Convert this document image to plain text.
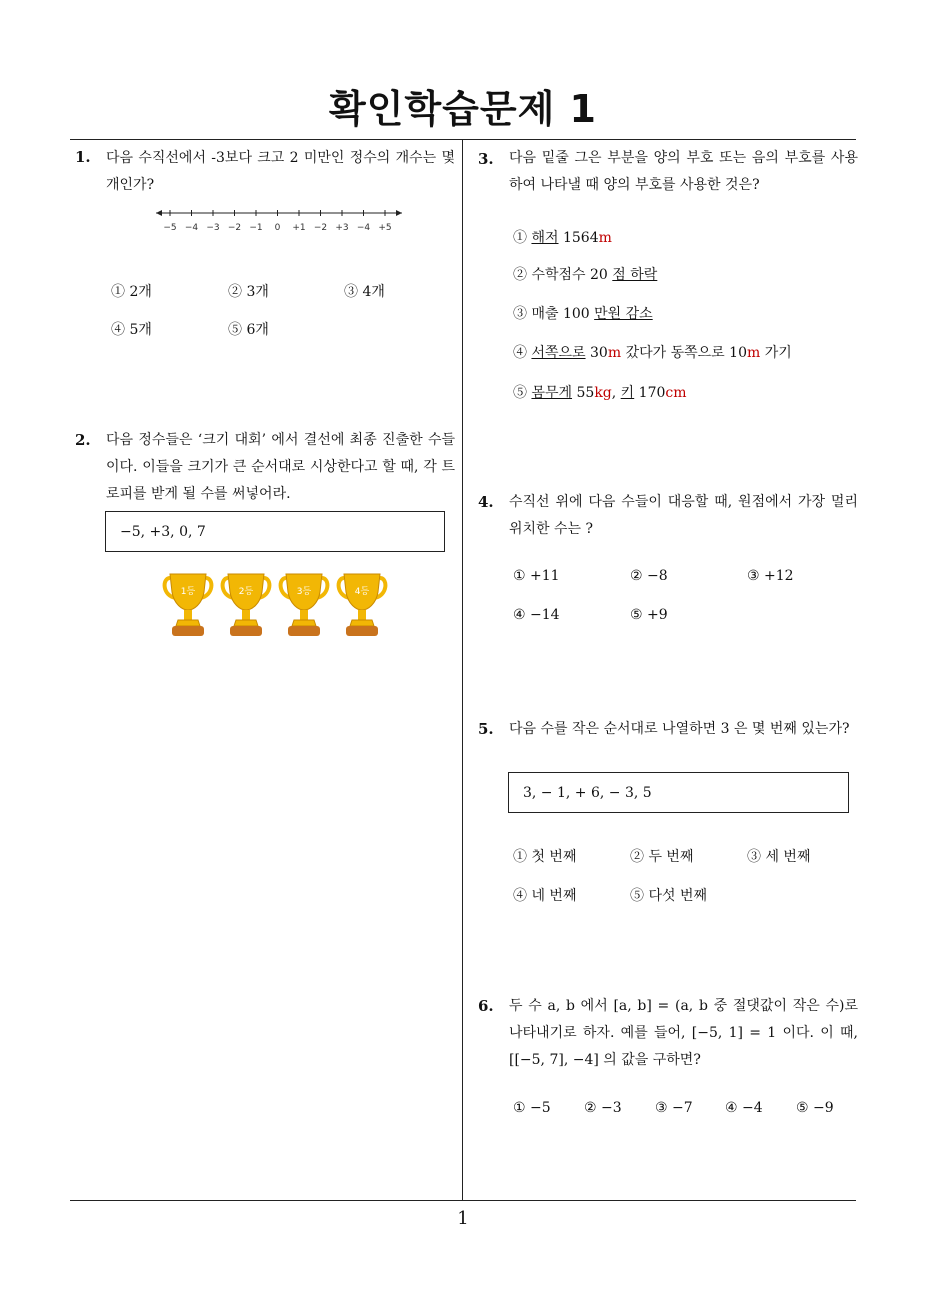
확인학습문제 1
1
1. 다음 수직선에서 -3보다 크고 2 미만인 정수의 개수는 몇 개인가?
−5 −4 −3 −2 −1 0 +1 −2 +3 −4 +5
① 2개	② 3개	③ 4개
④ 5개	⑤ 6개
2. 다음 정수들은 ‘크기 대회’ 에서 결선에 최종 진출한 수들이다. 이들을 크기가 큰 순서대로 시상한다고 할 때, 각 트로피를 받게 될 수를 써넣어라.
−5, +3, 0, 7
1등	2등	3등	4등
3. 다음 밑줄 그은 부분을 양의 부호 또는 음의 부호를 사용하여 나타낼 때 양의 부호를 사용한 것은?
① 해저 1564m
② 수학점수 20 점 하락
③ 매출 100 만원 감소
④ 서쪽으로 30m 갔다가 동쪽으로 10m 가기
⑤ 몸무게 55kg, 키 170cm
4. 수직선 위에 다음 수들이 대응할 때, 원점에서 가장 멀리 위치한 수는 ?
① +11	② −8	③ +12
④ −14	⑤ +9
5. 다음 수를 작은 순서대로 나열하면 3 은 몇 번째 있는가?
3, − 1, + 6, − 3, 5
① 첫 번째	② 두 번째	③ 세 번째
④ 네 번째	⑤ 다섯 번째
6. 두 수 a, b 에서 [a, b] = (a, b 중 절댓값이 작은 수)로 나타내기로 하자. 예를 들어, [−5, 1] = 1 이다. 이 때, [[−5, 7], −4] 의 값을 구하면?
① −5 ② −3 ③ −7 ④ −4 ⑤ −9
